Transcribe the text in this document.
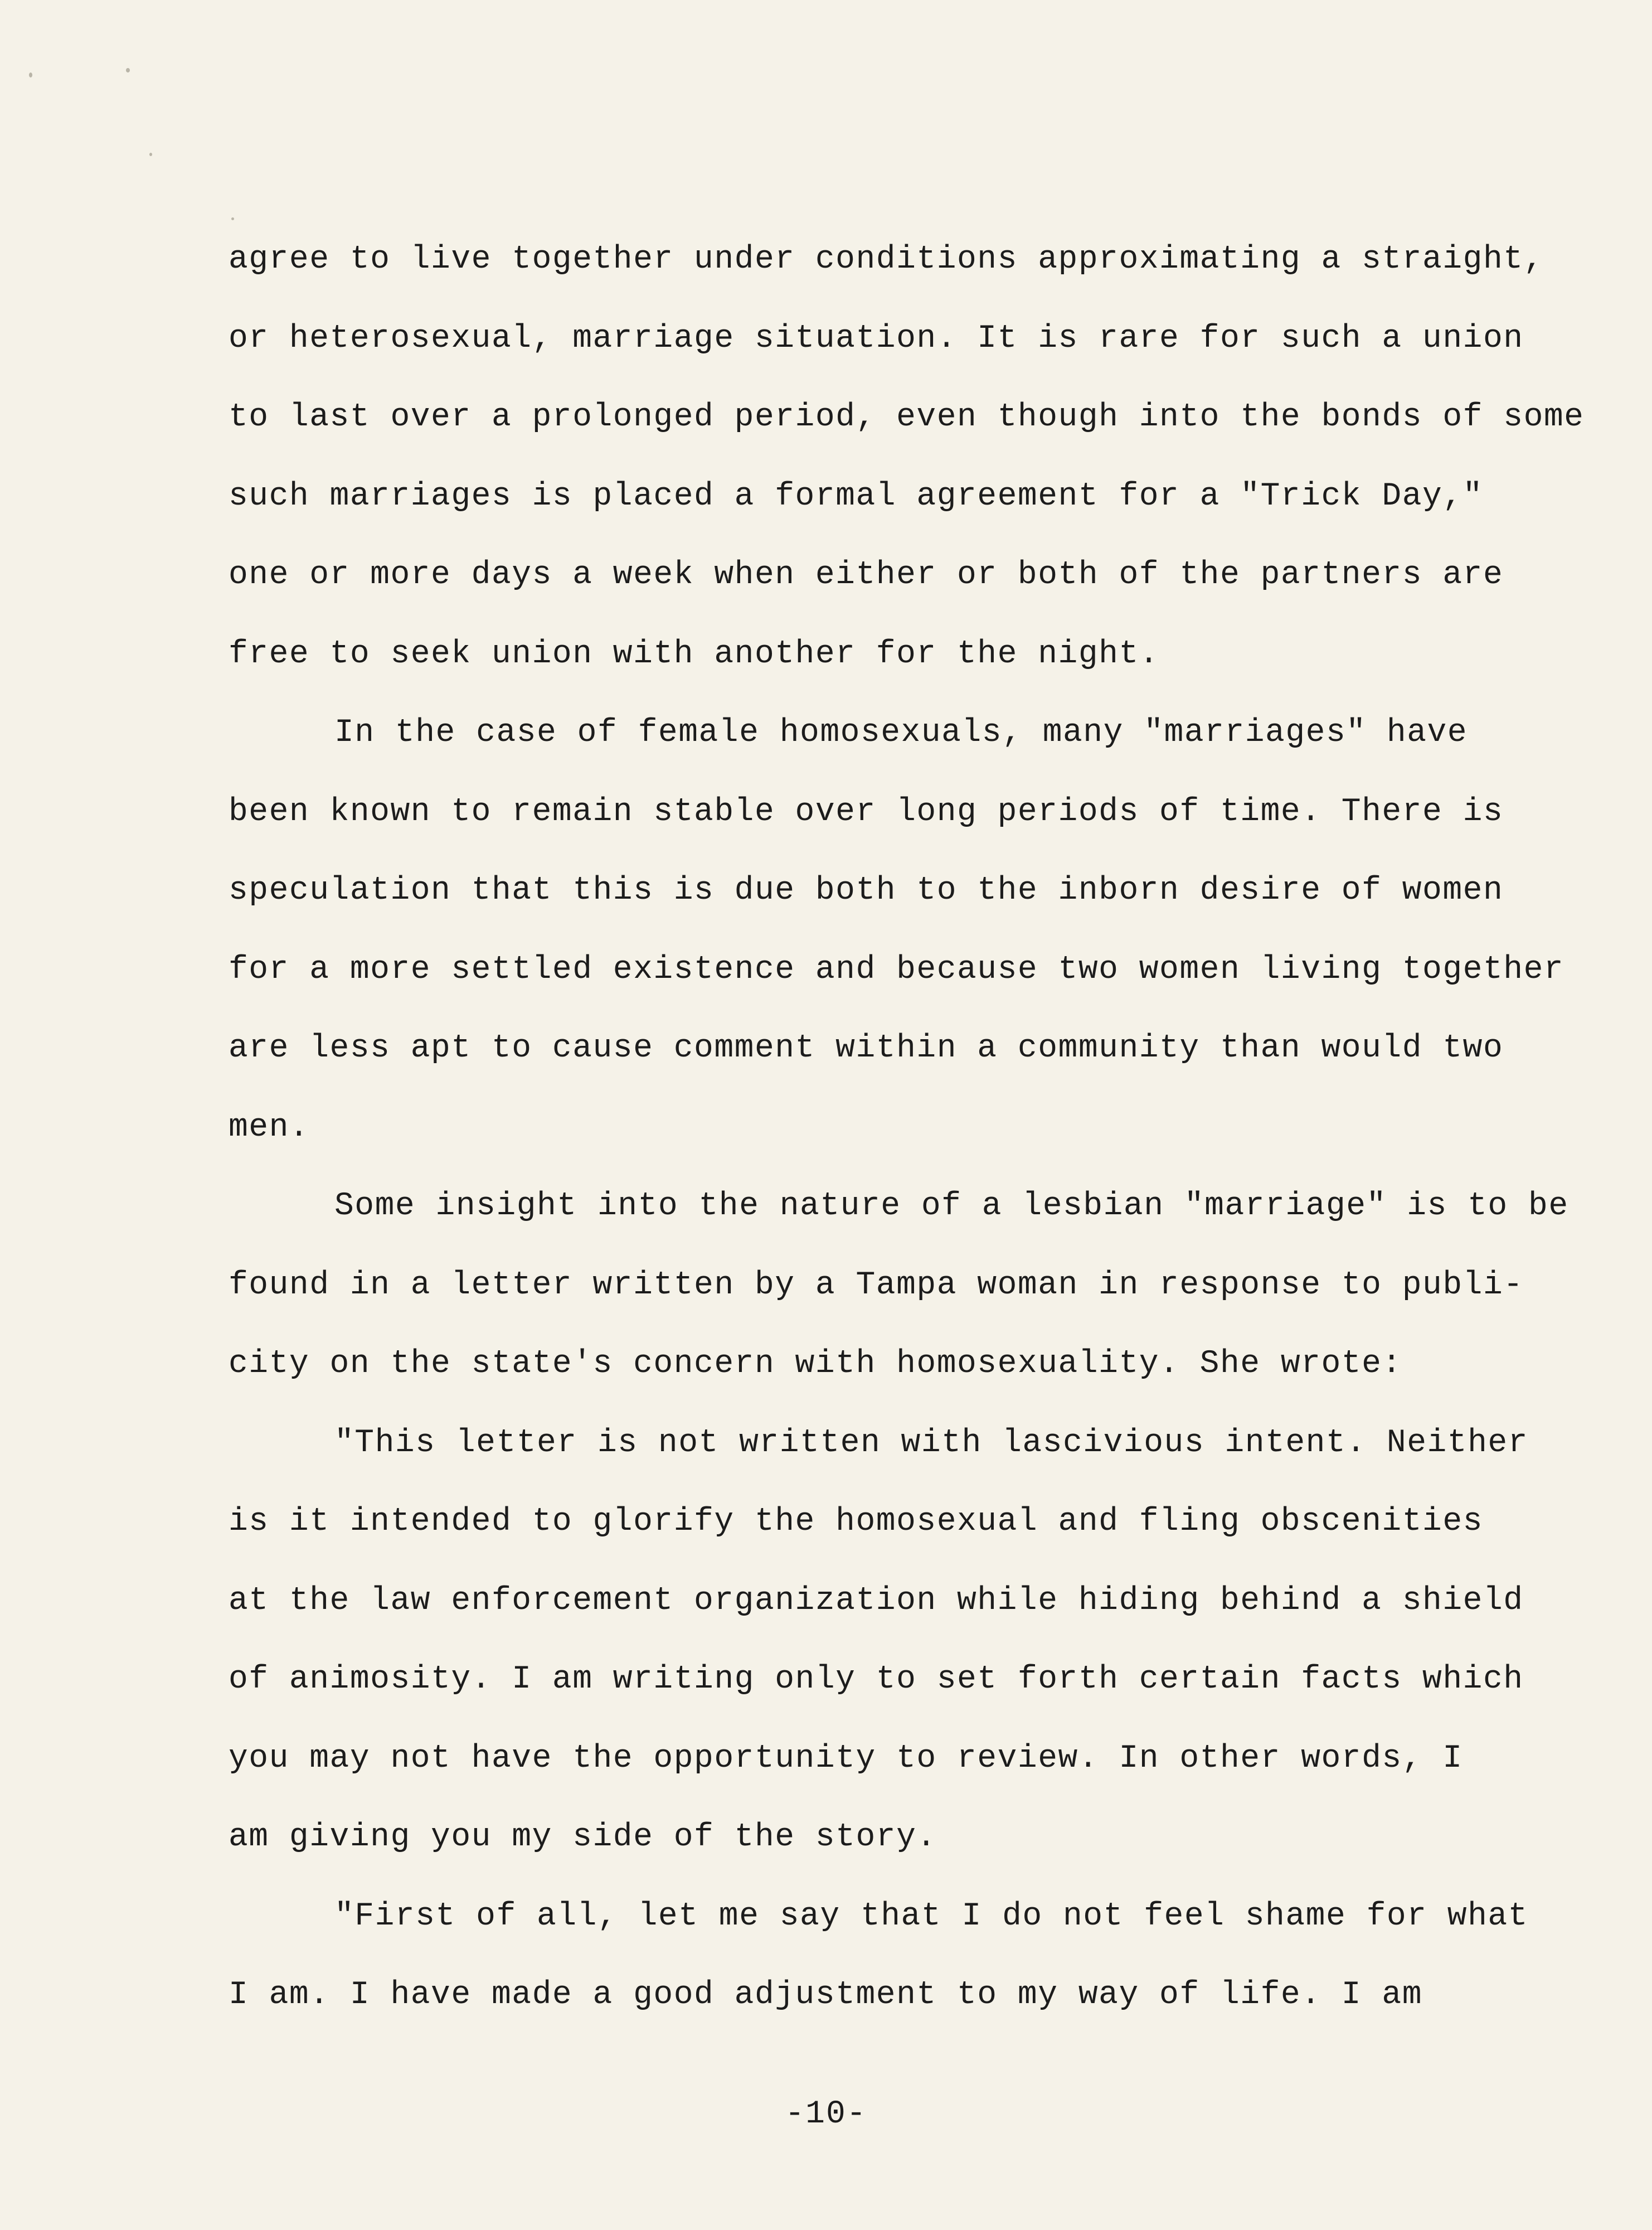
agree to live together under conditions approximating a straight,
or heterosexual, marriage situation. It is rare for such a union
to last over a prolonged period, even though into the bonds of some
such marriages is placed a formal agreement for a "Trick Day,"
one or more days a week when either or both of the partners are
free to seek union with another for the night.
In the case of female homosexuals, many "marriages" have
been known to remain stable over long periods of time. There is
speculation that this is due both to the inborn desire of women
for a more settled existence and because two women living together
are less apt to cause comment within a community than would two
men.
Some insight into the nature of a lesbian "marriage" is to be
found in a letter written by a Tampa woman in response to publi-
city on the state's concern with homosexuality. She wrote:
"This letter is not written with lascivious intent. Neither
is it intended to glorify the homosexual and fling obscenities
at the law enforcement organization while hiding behind a shield
of animosity. I am writing only to set forth certain facts which
you may not have the opportunity to review. In other words, I
am giving you my side of the story.
"First of all, let me say that I do not feel shame for what
I am. I have made a good adjustment to my way of life. I am
-10-
